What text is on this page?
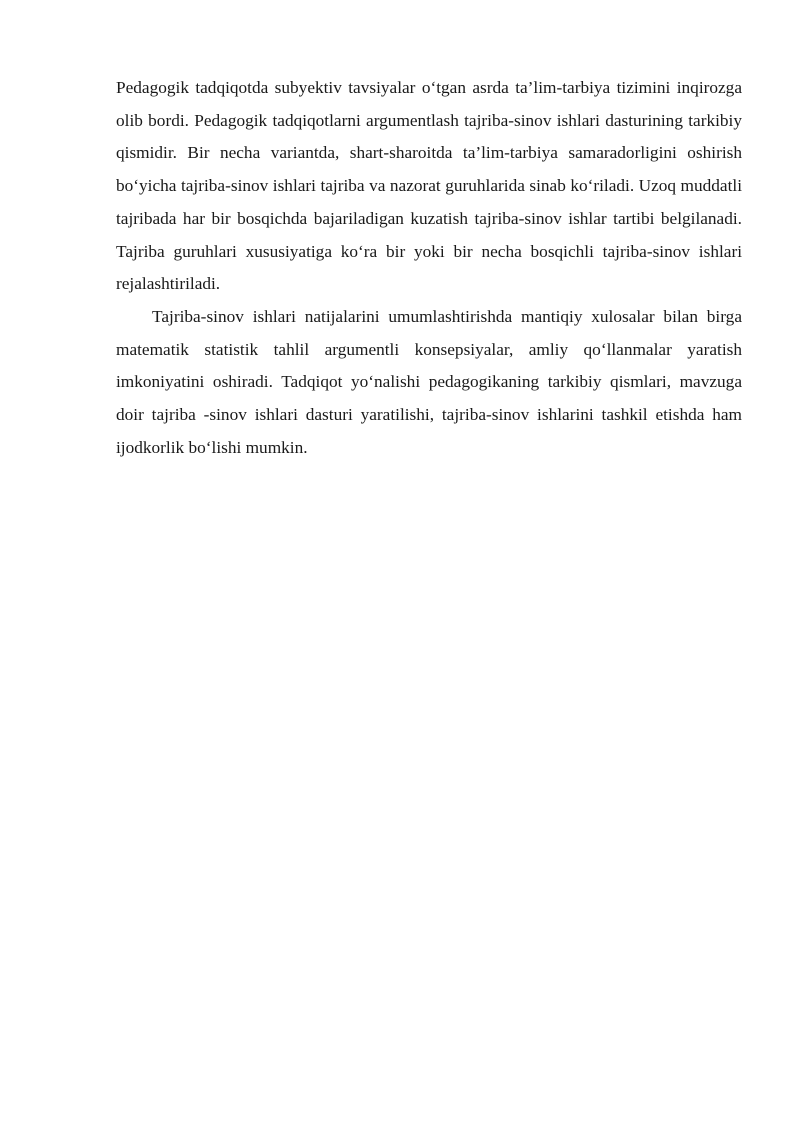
Pedagogik tadqiqotda subyektiv tavsiyalar o‘tgan asrda ta’lim-tarbiya tizimini inqirozga olib bordi. Pedagogik tadqiqotlarni argumentlash tajriba-sinov ishlari dasturining tarkibiy qismidir. Bir necha variantda, shart-sharoitda ta’lim-tarbiya samaradorligini oshirish bo‘yicha tajriba-sinov ishlari tajriba va nazorat guruhlarida sinab ko‘riladi. Uzoq muddatli tajribada har bir bosqichda bajariladigan kuzatish tajriba-sinov ishlar tartibi belgilanadi. Tajriba guruhlari xususiyatiga ko‘ra bir yoki bir necha bosqichli tajriba-sinov ishlari rejalashtiriladi.

Tajriba-sinov ishlari natijalarini umumlashtirishda mantiqiy xulosalar bilan birga matematik statistik tahlil argumentli konsepsiyalar, amliy qo‘llanmalar yaratish imkoniyatini oshiradi. Tadqiqot yo‘nalishi pedagogikaning tarkibiy qismlari, mavzuga doir tajriba -sinov ishlari dasturi yaratilishi, tajriba-sinov ishlarini tashkil etishda ham ijodkorlik bo‘lishi mumkin.
